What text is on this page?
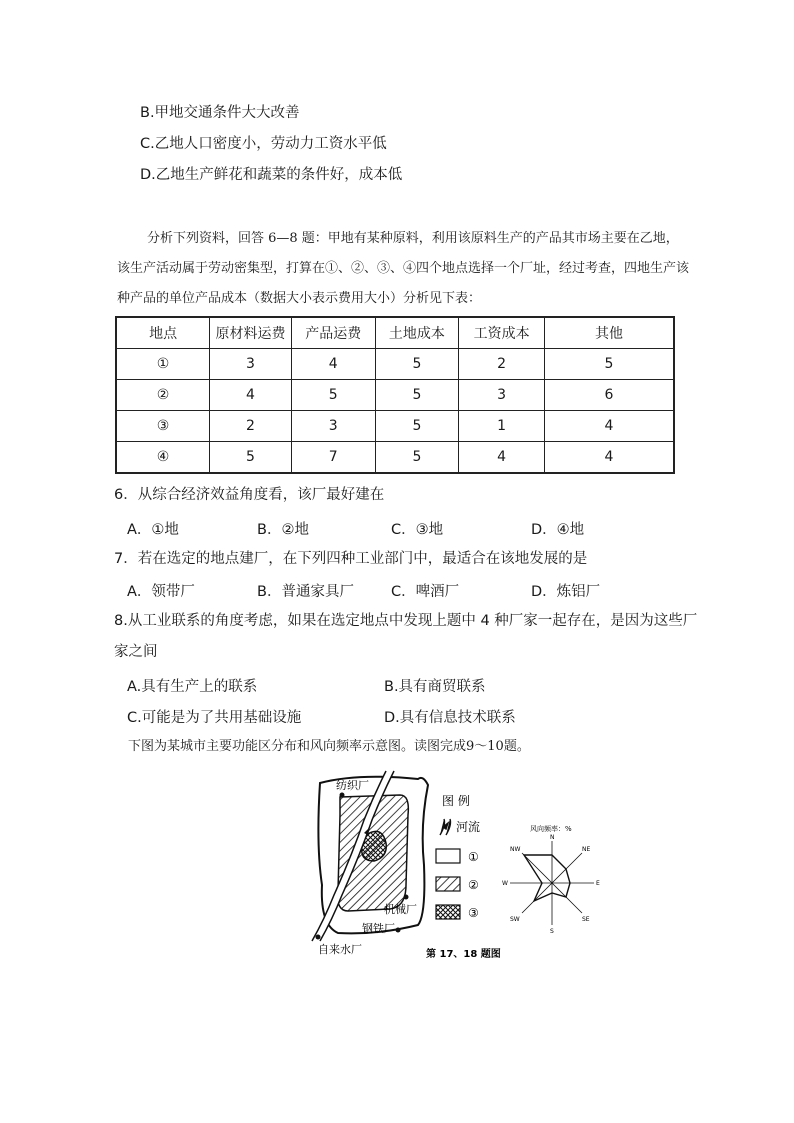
B.甲地交通条件大大改善
C.乙地人口密度小，劳动力工资水平低
D.乙地生产鲜花和蔬菜的条件好，成本低
分析下列资料，回答 6—8 题：甲地有某种原料，利用该原料生产的产品其市场主要在乙地，
该生产活动属于劳动密集型，打算在①、②、③、④四个地点选择一个厂址，经过考查，四地生产该
种产品的单位产品成本（数据大小表示费用大小）分析见下表：
地点	原材料运费	产品运费	土地成本	工资成本	其他
①	3	4	5	2	5
②	4	5	5	3	6
③	2	3	5	1	4
④	5	7	5	4	4
6．从综合经济效益角度看，该厂最好建在
A．①地	B．②地	C．③地	D．④地
7．若在选定的地点建厂，在下列四种工业部门中，最适合在该地发展的是
A．领带厂	B．普通家具厂	C．啤酒厂	D．炼铝厂
8.从工业联系的角度考虑，如果在选定地点中发现上题中 4 种厂家一起存在，是因为这些厂
家之间
A.具有生产上的联系	B.具有商贸联系
C.可能是为了共用基础设施	D.具有信息技术联系
下图为某城市主要功能区分布和风向频率示意图。读图完成9～10题。
纺织厂
机械厂
钢铁厂
自来水厂
图 例
河流
①
②
③
风向频率：%
N
NE
E
SE
S
SW
W
NW
第 17、18 题图
